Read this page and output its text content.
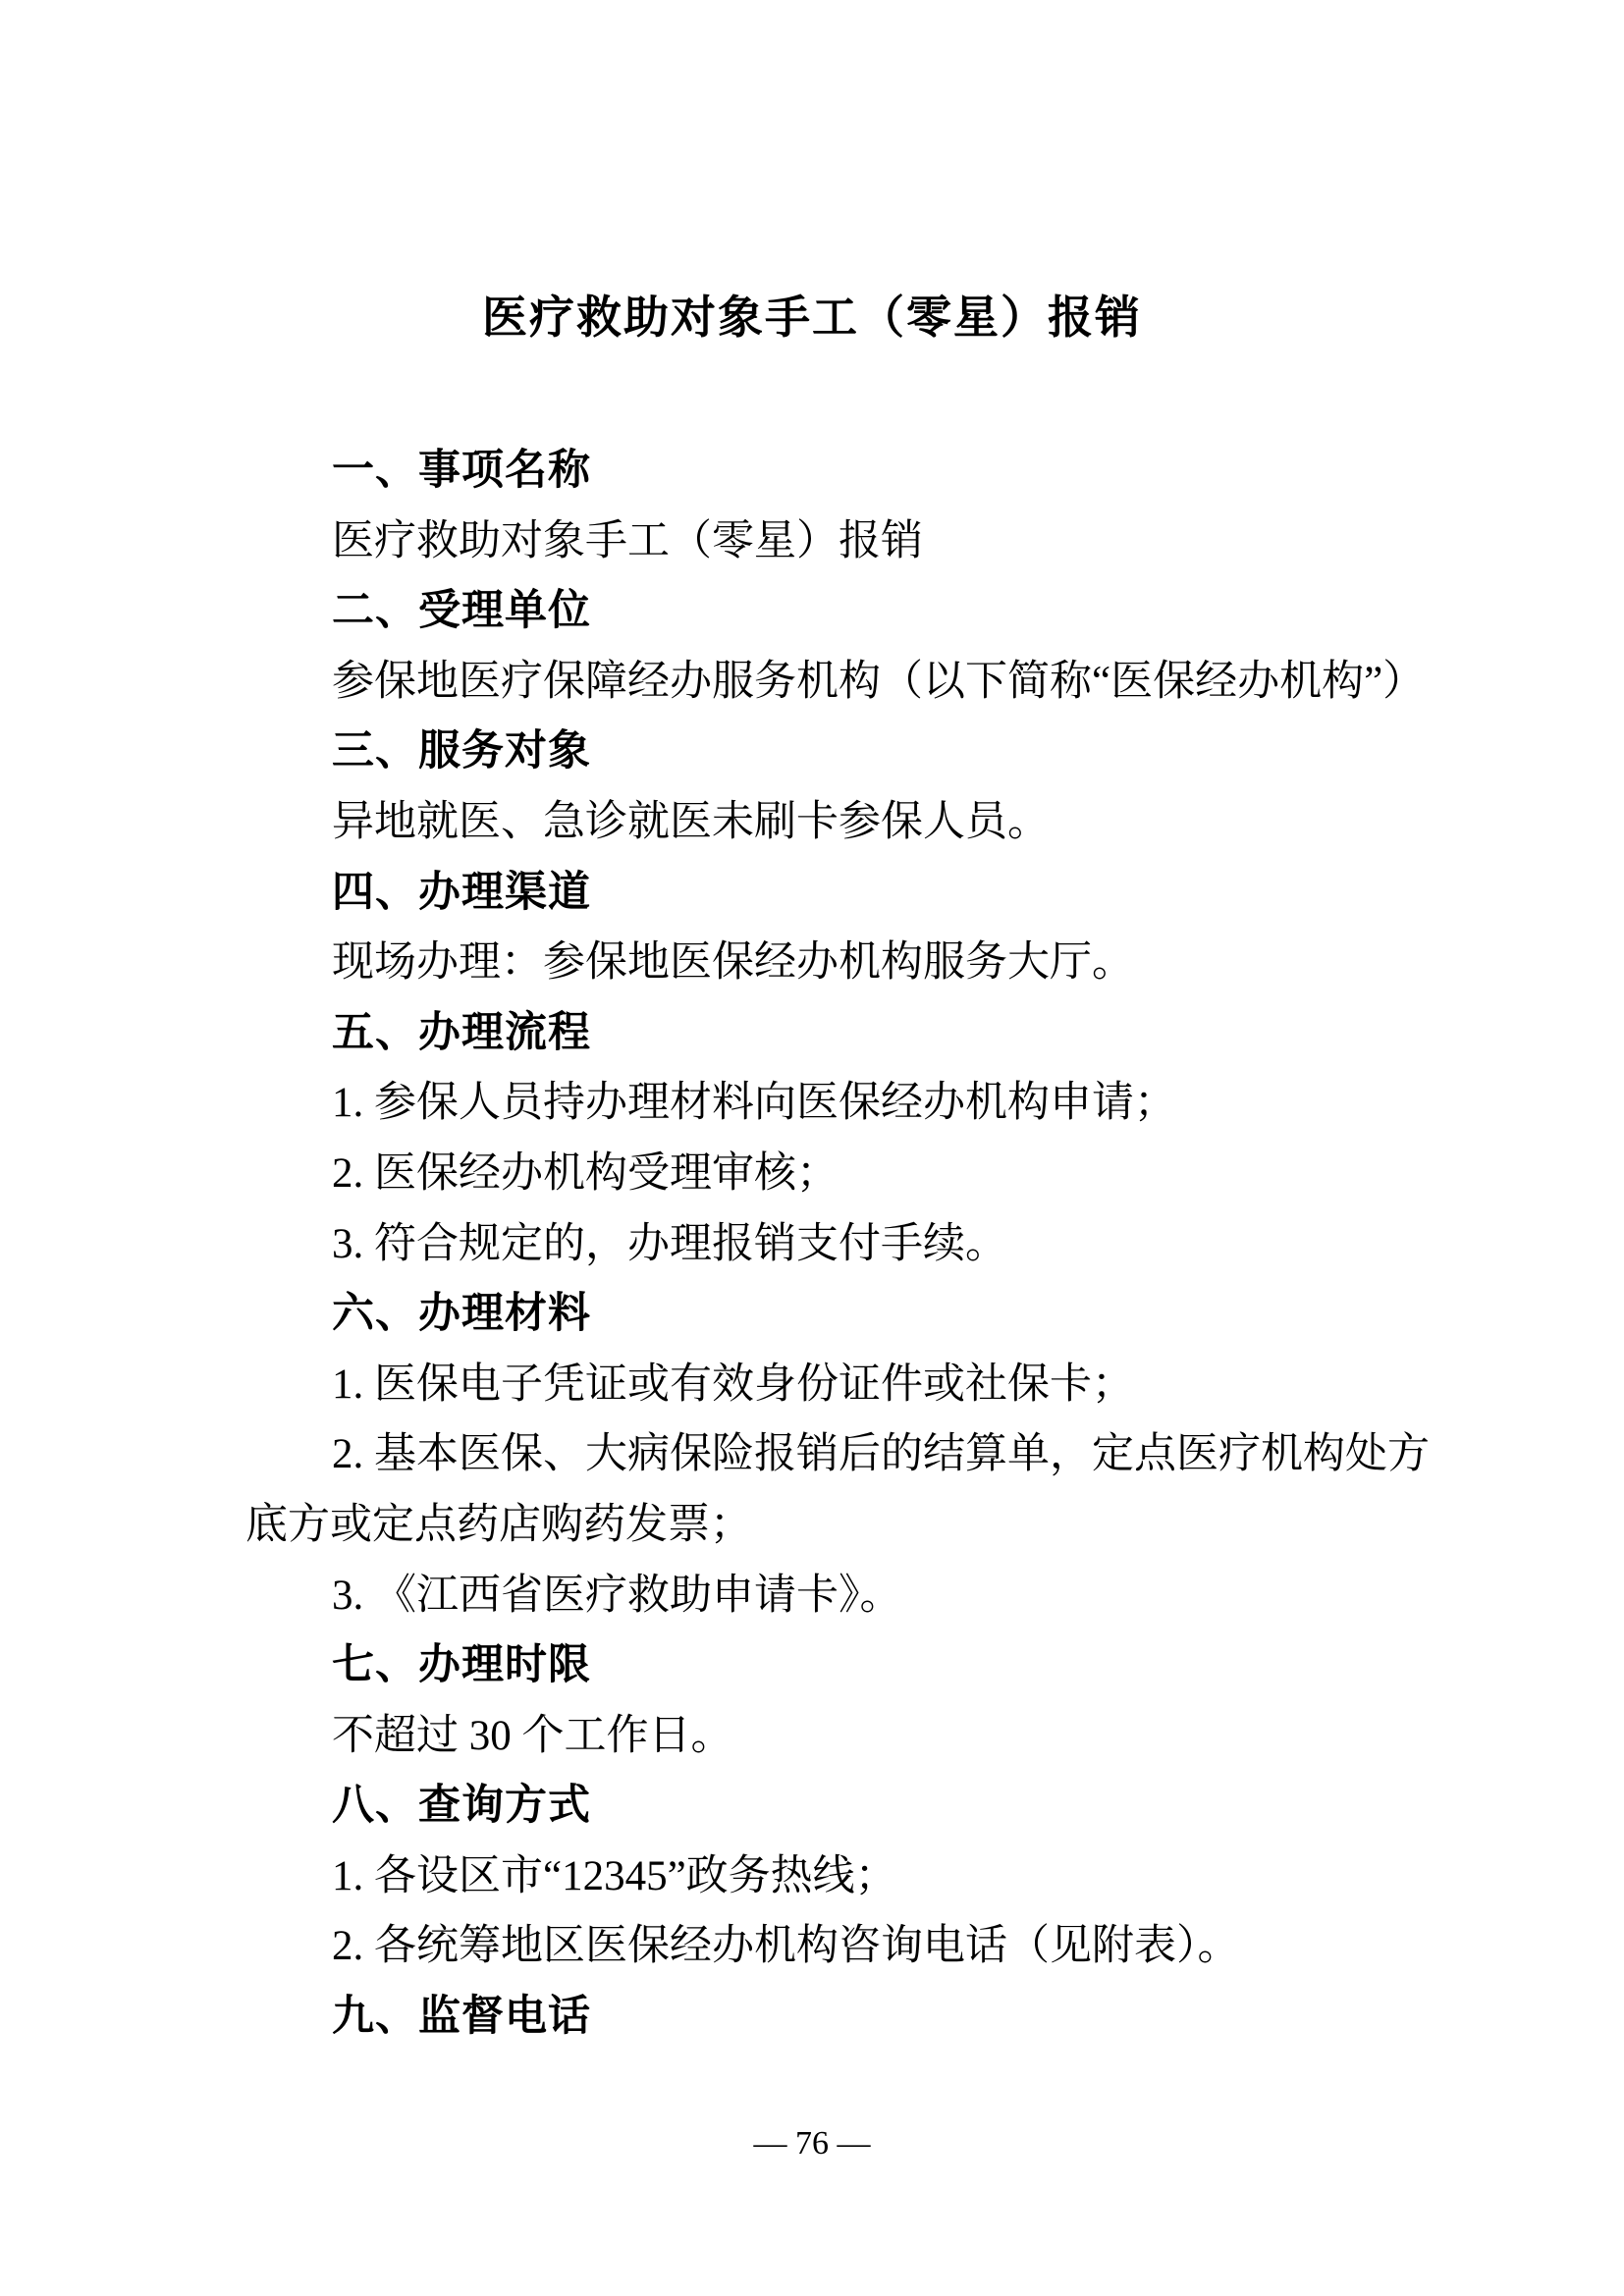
医疗救助对象手工（零星）报销
一、事项名称
医疗救助对象手工（零星）报销
二、受理单位
参保地医疗保障经办服务机构（以下简称“医保经办机构”）
三、服务对象
异地就医、急诊就医未刷卡参保人员。
四、办理渠道
现场办理：参保地医保经办机构服务大厅。
五、办理流程
1. 参保人员持办理材料向医保经办机构申请；
2. 医保经办机构受理审核；
3. 符合规定的，办理报销支付手续。
六、办理材料
1. 医保电子凭证或有效身份证件或社保卡；
2. 基本医保、大病保险报销后的结算单，定点医疗机构处方
底方或定点药店购药发票；
3. 《江西省医疗救助申请卡》。
七、办理时限
不超过 30 个工作日。
八、查询方式
1. 各设区市“12345”政务热线；
2. 各统筹地区医保经办机构咨询电话（见附表）。
九、监督电话
— 76 —
